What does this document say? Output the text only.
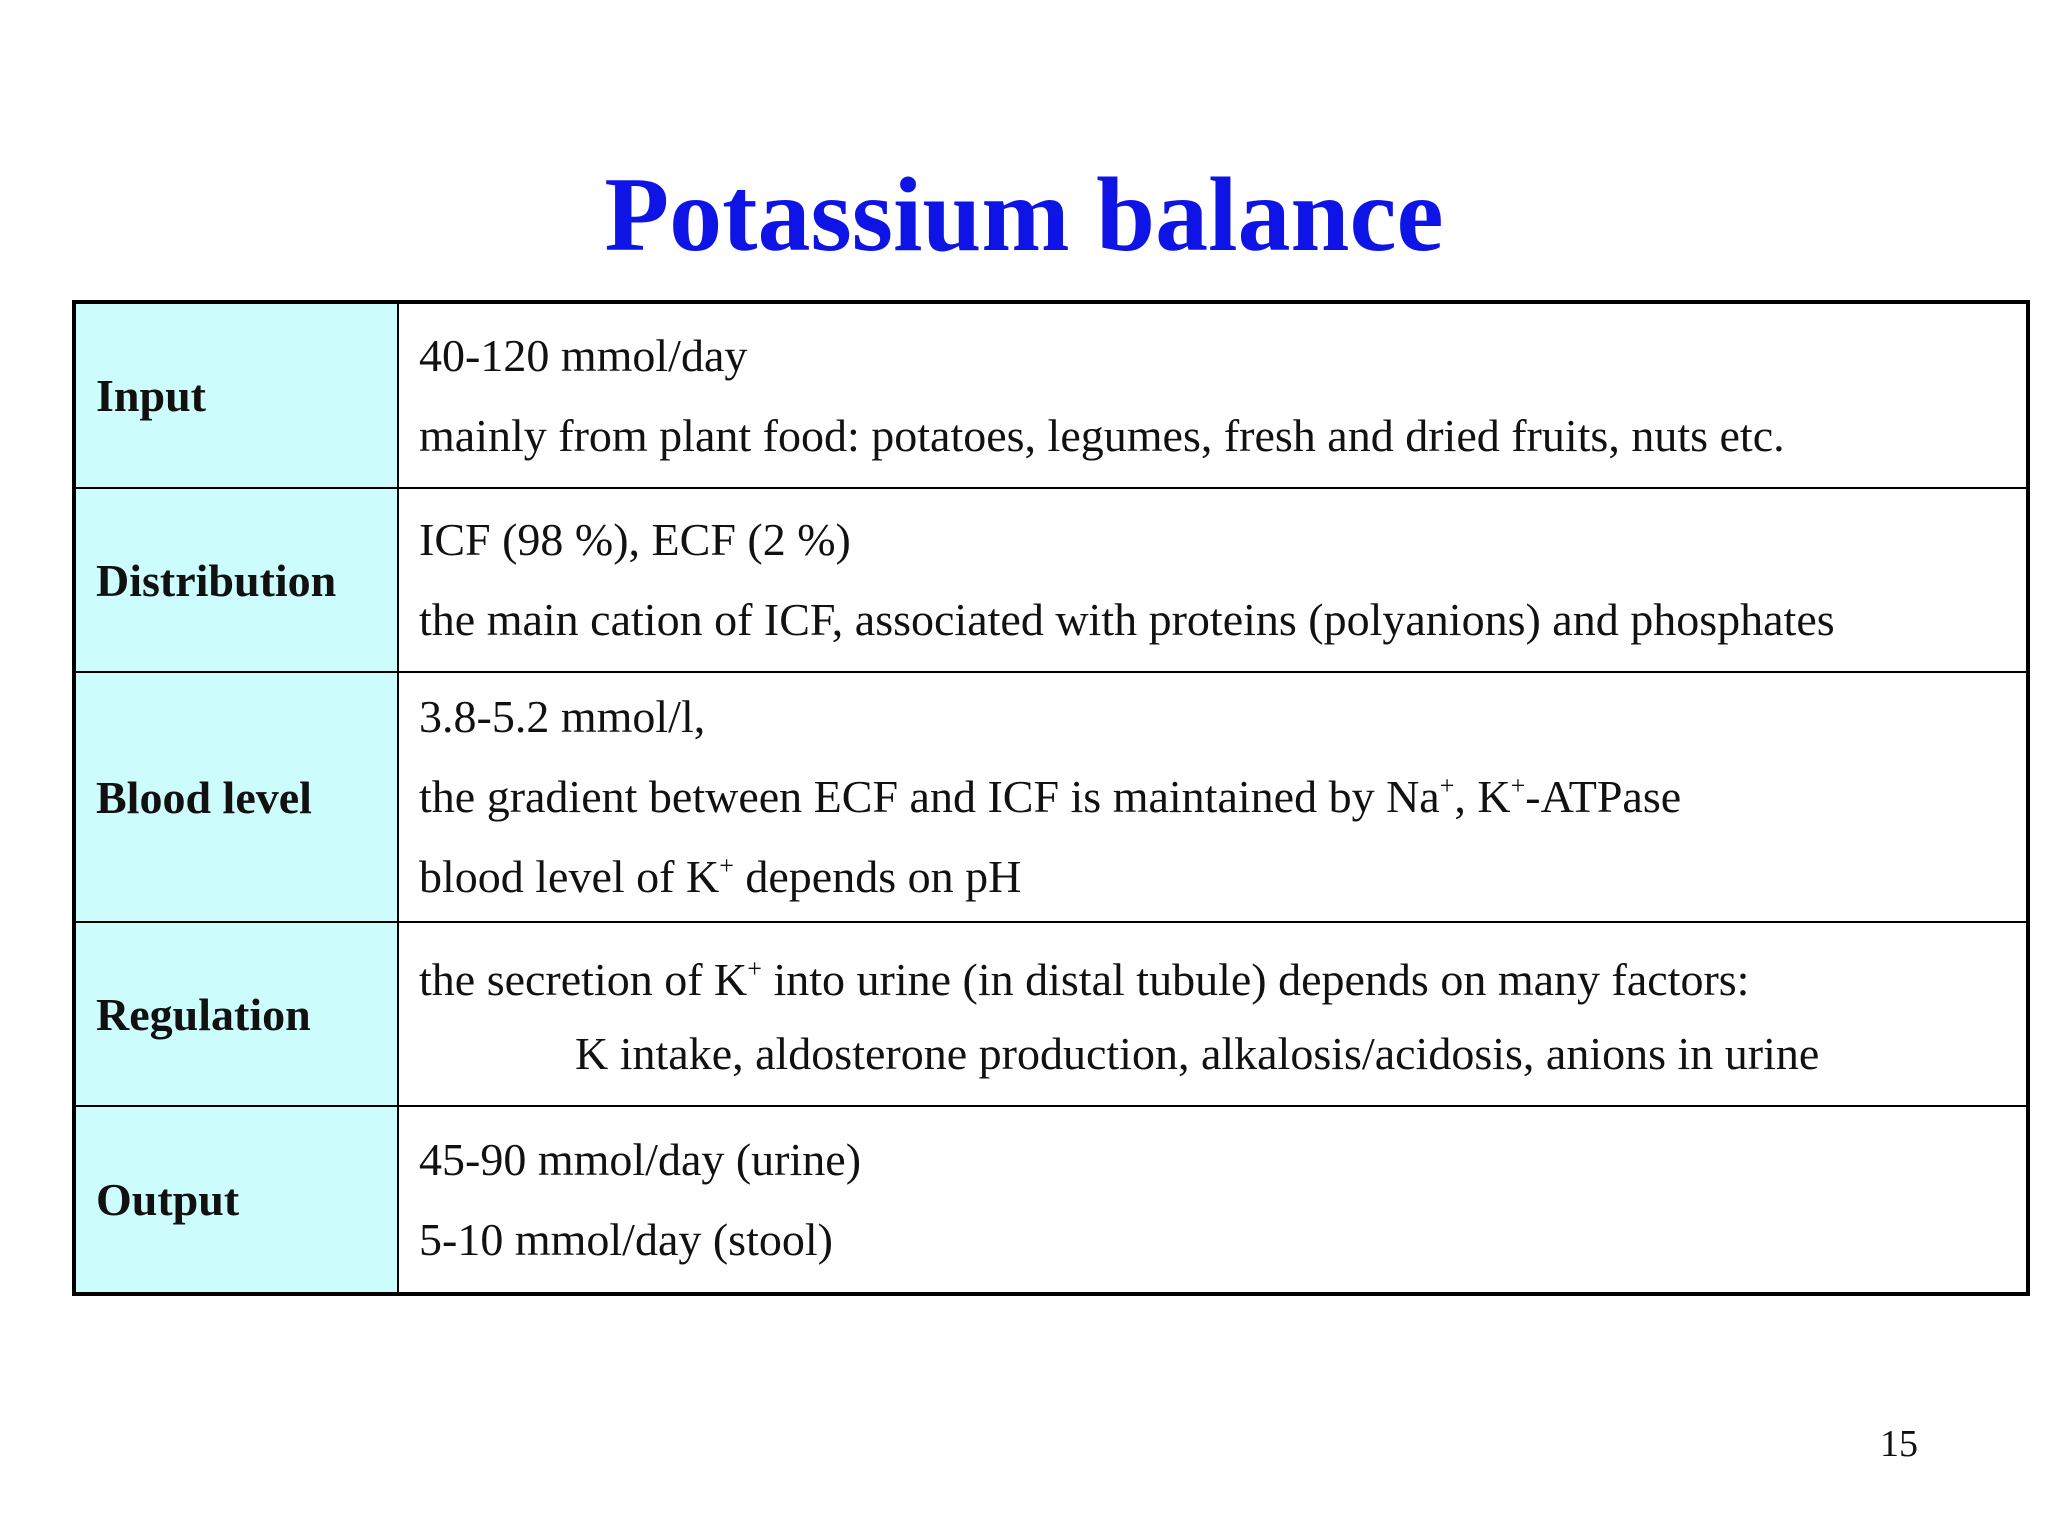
Potassium balance
Input	40-120 mmol/day
mainly from plant food: potatoes, legumes, fresh and dried fruits, nuts etc.

Distribution	ICF (98 %), ECF (2 %)
the main cation of ICF, associated with proteins (polyanions) and phosphates

Blood level	3.8-5.2 mmol/l,
the gradient between ECF and ICF is maintained by Na+, K+-ATPase
blood level of K+ depends on pH

Regulation	the secretion of K+ into urine (in distal tubule) depends on many factors:
K intake, aldosterone production, alkalosis/acidosis, anions in urine

Output	45-90 mmol/day (urine)
5-10 mmol/day (stool)
15
